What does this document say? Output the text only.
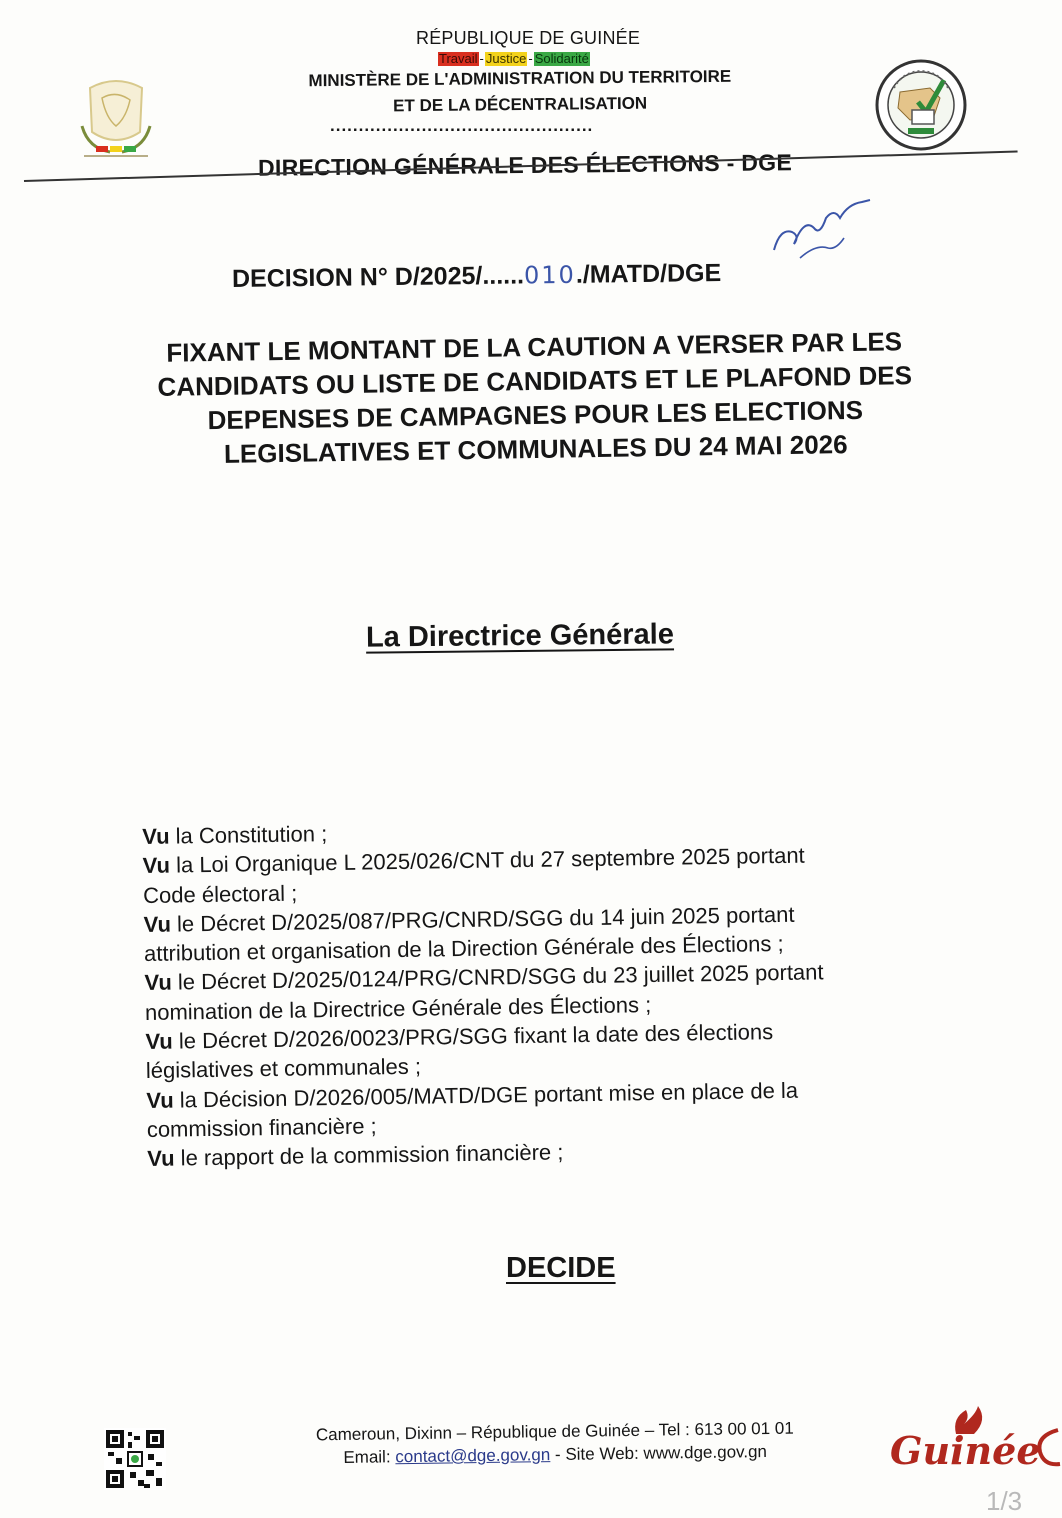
RÉPUBLIQUE DE GUINÉE
Travail - Justice - Solidarité
MINISTÈRE DE L'ADMINISTRATION DU TERRITOIRE
ET DE LA DÉCENTRALISATION
..............................................
DIRECTION GÉNÉRALE DES ÉLECTIONS - DGE
DECISION N° D/2025/......010./MATD/DGE
FIXANT LE MONTANT DE LA CAUTION A VERSER PAR LES
CANDIDATS OU LISTE DE CANDIDATS ET LE PLAFOND DES
DEPENSES DE CAMPAGNES POUR LES ELECTIONS
LEGISLATIVES ET COMMUNALES DU 24 MAI 2026
La Directrice Générale
Vu la Constitution ;
Vu la Loi Organique L 2025/026/CNT du 27 septembre 2025 portant
Code électoral ;
Vu le Décret D/2025/087/PRG/CNRD/SGG du 14 juin 2025 portant
attribution et organisation de la Direction Générale des Élections ;
Vu le Décret D/2025/0124/PRG/CNRD/SGG du 23 juillet 2025 portant
nomination de la Directrice Générale des Élections ;
Vu le Décret D/2026/0023/PRG/SGG fixant la date des élections
législatives et communales ;
Vu la Décision D/2026/005/MATD/DGE portant mise en place de la
commission financière ;
Vu le rapport de la commission financière ;
DECIDE
Cameroun, Dixinn – République de Guinée – Tel : 613 00 01 01
Email: contact@dge.gov.gn - Site Web: www.dge.gov.gn	Guinée
1/3
